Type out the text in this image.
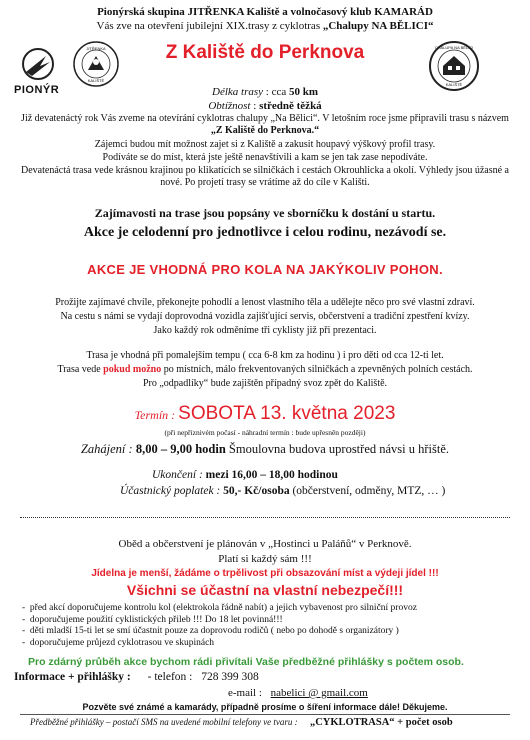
Pionýrská skupina JITŘENKA Kaliště a volnočasový klub KAMARÁD
Vás zve na otevření jubilejní XIX.trasy z cyklotras „Chalupy NA BĚLICI“
PIONÝR
JITŘENKA
KALIŠTĚ
CHALUPA NA BĚLICI
KALIŠTĚ
Z Kaliště do Perknova
Délka trasy : cca 50 km
Obtížnost : středně těžká
Již devatenáctý rok Vás zveme na otevírání cyklotras chalupy „Na Bělici“. V letošním roce jsme připravili trasu s názvem „Z Kaliště do Perknova.“
Zájemci budou mít možnost zajet si z Kaliště a zakusit houpavý výškový profil trasy.
Podíváte se do míst, která jste ještě nenavštívili a kam se jen tak zase nepodíváte.
Devatenáctá trasa vede krásnou krajinou po klikatících se silničkách i cestách Okrouhlicka a okolí. Výhledy jsou úžasné a nové. Po projetí trasy se vrátíme až do cíle v Kališti.
Zajímavosti na trase jsou popsány ve sborníčku k dostání u startu.
Akce je celodenní pro jednotlivce i celou rodinu, nezávodí se.
AKCE JE VHODNÁ PRO KOLA NA JAKÝKOLIV POHON.
Prožijte zajímavé chvíle, překonejte pohodlí a lenost vlastního těla a udělejte něco pro své vlastní zdraví.
Na cestu s námi se vydají doprovodná vozidla zajišťující servis, občerstvení a tradiční zpestření kvízy.
Jako každý rok odměníme tři cyklisty již při prezentaci.
Trasa je vhodná při pomalejším tempu ( cca 6-8 km za hodinu ) i pro děti od cca 12-ti let.
Trasa vede pokud možno po místních, málo frekventovaných silničkách a zpevněných polních cestách.
Pro „odpadlíky“ bude zajištěn případný svoz zpět do Kaliště.
Termín : SOBOTA 13. května 2023
(při nepříznivém počasí - náhradní termín : bude upřesněn později)
Zahájení : 8,00 – 9,00 hodin Šmoulovna budova uprostřed návsi u hřiště.
Ukončení : mezi 16,00 – 18,00 hodinou
Účastnický poplatek : 50,- Kč/osoba (občerstvení, odměny, MTZ, … )
Oběd a občerstvení je plánován v „Hostinci u Paláňů“ v Perknově.
Platí si každý sám !!!
Jídelna je menší, žádáme o trpělivost při obsazování míst a výdeji jídel !!!
Všichni se účastní na vlastní nebezpečí!!!
-  před akcí doporučujeme kontrolu kol (elektrokola řádně nabít) a jejich vybavenost pro silniční provoz
-  doporučujeme použití cyklistických přileb !!! Do 18 let povinná!!!
-  děti mladší 15-ti let se smí účastnit pouze za doprovodu rodičů ( nebo po dohodě s organizátory )
-  doporučujeme průjezd cyklotrasou ve skupinách
Pro zdárný průběh akce bychom rádi přivítali Vaše předběžné přihlášky s počtem osob.
Informace + přihlášky : - telefon : 728 399 308
e-mail : nabelici @ gmail.com
Pozvěte své známé a kamarády, případně prosíme o šíření informace dále! Děkujeme.
Předběžné přihlášky – postačí SMS na uvedené mobilní telefony ve tvaru : „CYKLOTRASA“ + počet osob
